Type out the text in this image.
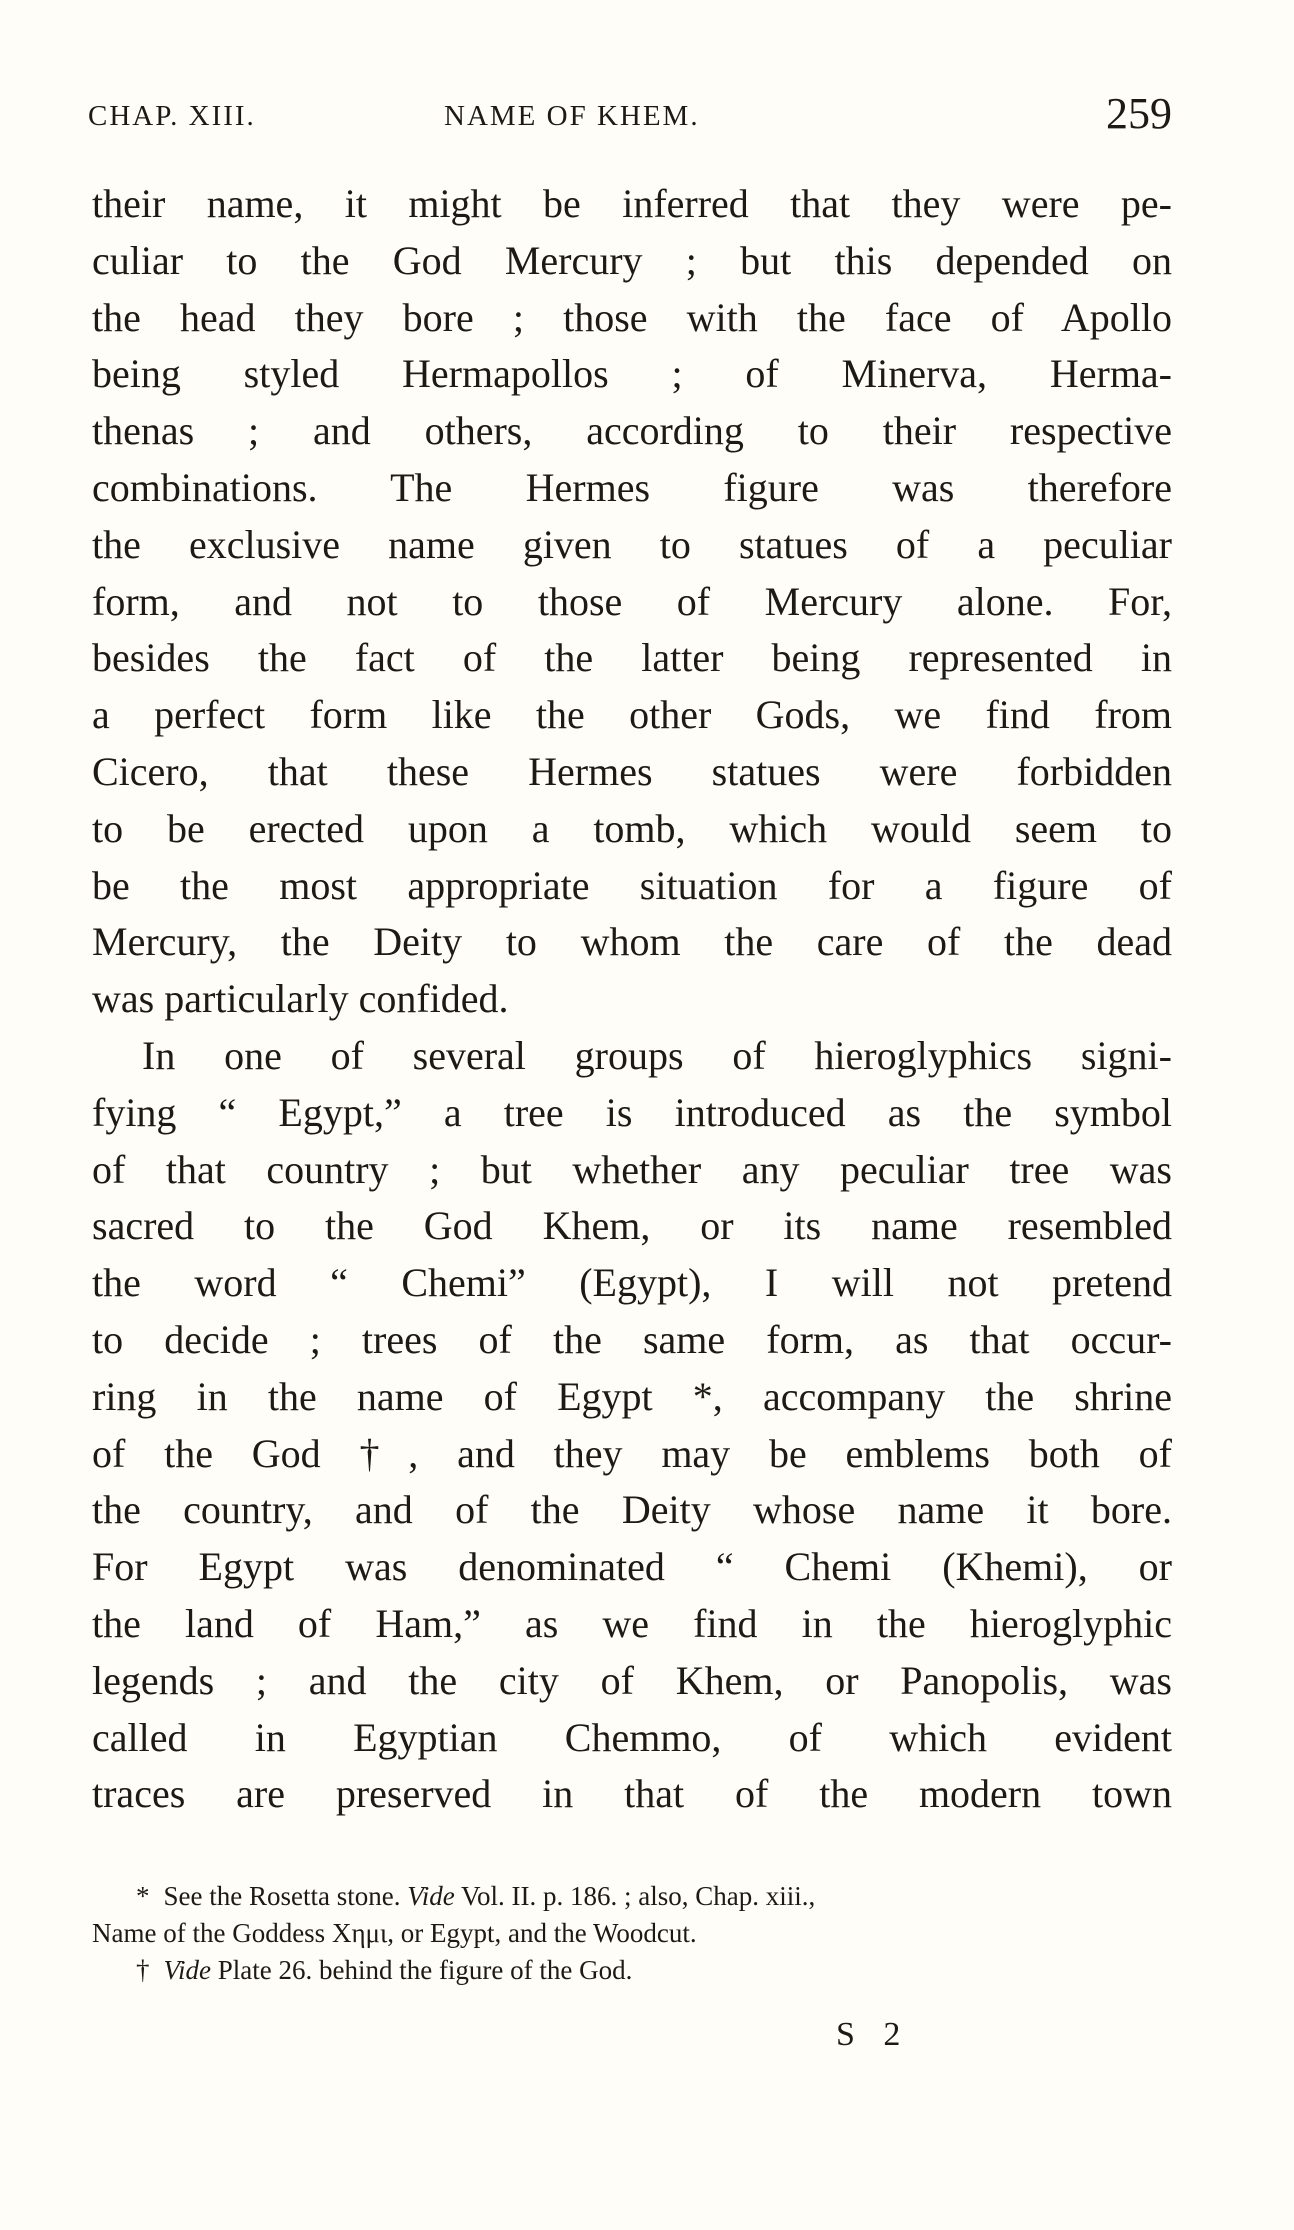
CHAP. XIII.	NAME OF KHEM.	259
their name, it might be inferred that they were pe-
culiar to the God Mercury ; but this depended on
the head they bore ; those with the face of Apollo
being styled Hermapollos ; of Minerva, Herma-
thenas ; and others, according to their respective
combinations. The Hermes figure was therefore
the exclusive name given to statues of a peculiar
form, and not to those of Mercury alone. For,
besides the fact of the latter being represented in
a perfect form like the other Gods, we find from
Cicero, that these Hermes statues were forbidden
to be erected upon a tomb, which would seem to
be the most appropriate situation for a figure of
Mercury, the Deity to whom the care of the dead
was particularly confided.
In one of several groups of hieroglyphics signi-
fying “ Egypt,” a tree is introduced as the symbol
of that country ; but whether any peculiar tree was
sacred to the God Khem, or its name resembled
the word “ Chemi” (Egypt), I will not pretend
to decide ; trees of the same form, as that occur-
ring in the name of Egypt *, accompany the shrine
of the God †, and they may be emblems both of
the country, and of the Deity whose name it bore.
For Egypt was denominated “ Chemi (Khemi), or
the land of Ham,” as we find in the hieroglyphic
legends ; and the city of Khem, or Panopolis, was
called in Egyptian Chemmo, of which evident
traces are preserved in that of the modern town
* See the Rosetta stone. Vide Vol. II. p. 186. ; also, Chap. xiii.,
Name of the Goddess Χημι, or Egypt, and the Woodcut.
† Vide Plate 26. behind the figure of the God.
S 2
